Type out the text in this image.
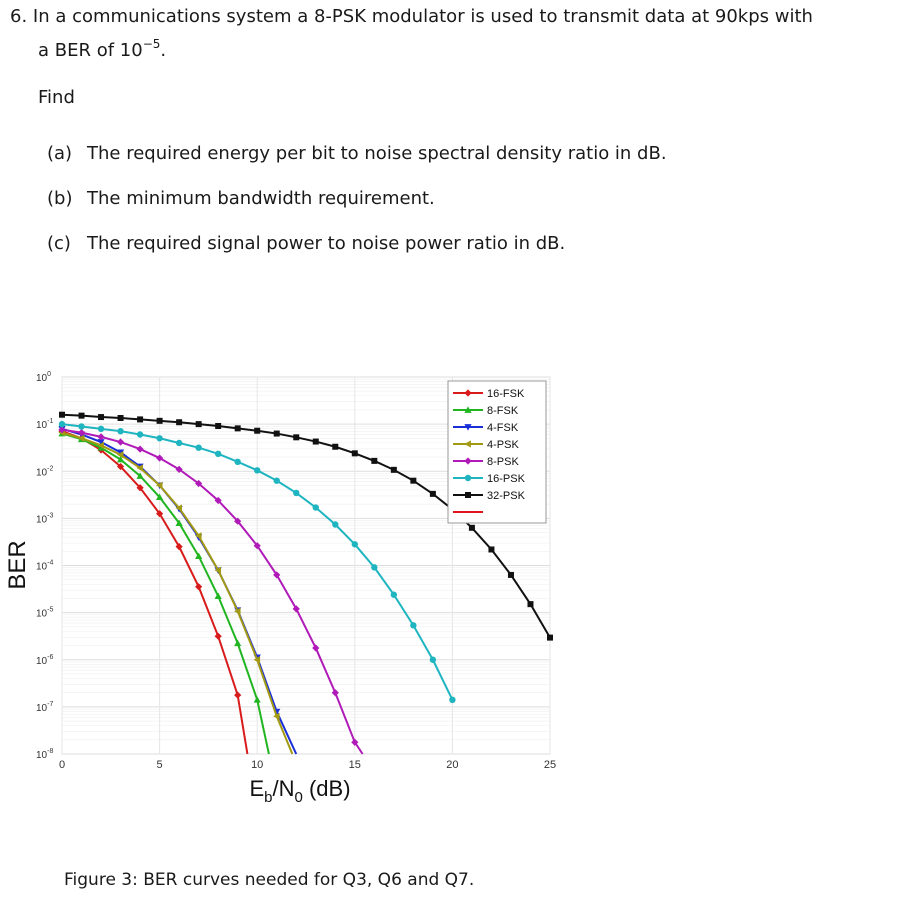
6. In a communications system a 8-PSK modulator is used to transmit data at 90kps with
a BER of $10^{-5}$.
Find
(a) The required energy per bit to noise spectral density ratio in dB.
(b) The minimum bandwidth requirement.
(c) The required signal power to noise power ratio in dB.
$10^0$
$10^{-1}$
$10^{-2}$
$10^{-3}$
$10^{-4}$
$10^{-5}$
$10^{-6}$
$10^{-7}$
$10^{-8}$
0	5	10	15	20	25
16-FSK
8-FSK
4-FSK
4-PSK
8-PSK
16-PSK
32-PSK
BER
$E_b/N_0$ (dB)
Figure 3: BER curves needed for Q3, Q6 and Q7.
